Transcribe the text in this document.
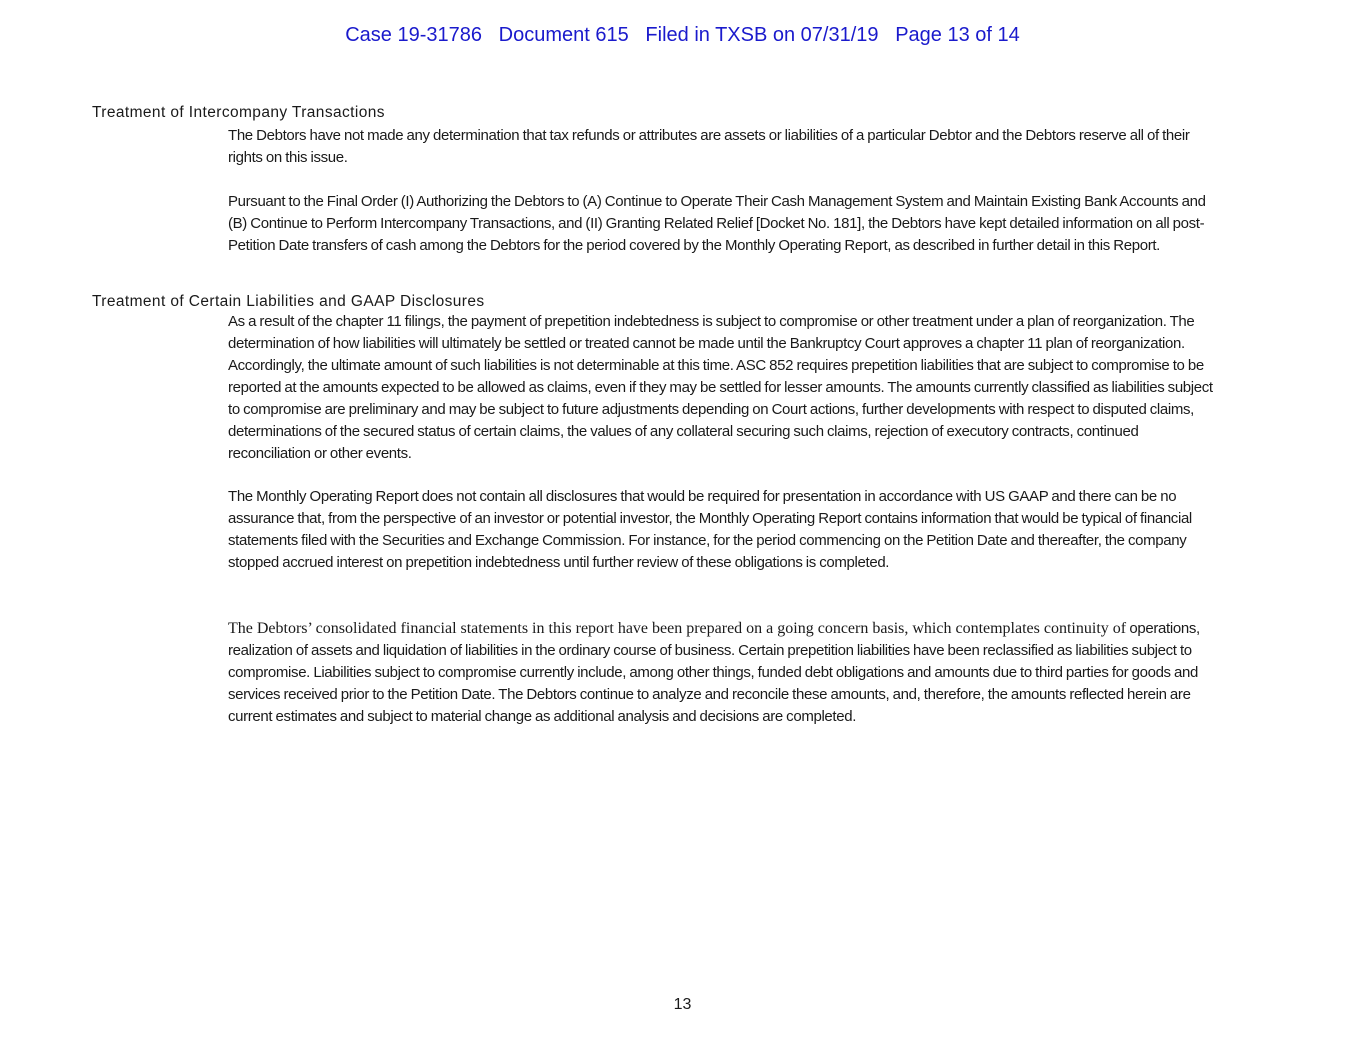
Case 19-31786   Document 615   Filed in TXSB on 07/31/19   Page 13 of 14
Treatment of Intercompany Transactions
The Debtors have not made any determination that tax refunds or attributes are assets or liabilities of a particular Debtor and the Debtors reserve all of their rights on this issue.
Pursuant to the Final Order (I) Authorizing the Debtors to (A) Continue to Operate Their Cash Management System and Maintain Existing Bank Accounts and (B) Continue to Perform Intercompany Transactions, and (II) Granting Related Relief [Docket No. 181], the Debtors have kept detailed information on all post-Petition Date transfers of cash among the Debtors for the period covered by the Monthly Operating Report, as described in further detail in this Report.
Treatment of Certain Liabilities and GAAP Disclosures
As a result of the chapter 11 filings, the payment of prepetition indebtedness is subject to compromise or other treatment under a plan of reorganization. The determination of how liabilities will ultimately be settled or treated cannot be made until the Bankruptcy Court approves a chapter 11 plan of reorganization. Accordingly, the ultimate amount of such liabilities is not determinable at this time. ASC 852 requires prepetition liabilities that are subject to compromise to be reported at the amounts expected to be allowed as claims, even if they may be settled for lesser amounts. The amounts currently classified as liabilities subject to compromise are preliminary and may be subject to future adjustments depending on Court actions, further developments with respect to disputed claims, determinations of the secured status of certain claims, the values of any collateral securing such claims, rejection of executory contracts, continued reconciliation or other events.
The Monthly Operating Report does not contain all disclosures that would be required for presentation in accordance with US GAAP and there can be no assurance that, from the perspective of an investor or potential investor, the Monthly Operating Report contains information that would be typical of financial statements filed with the Securities and Exchange Commission. For instance, for the period commencing on the Petition Date and thereafter, the company stopped accrued interest on prepetition indebtedness until further review of these obligations is completed.
The Debtors’ consolidated financial statements in this report have been prepared on a going concern basis, which contemplates continuity of operations, realization of assets and liquidation of liabilities in the ordinary course of business. Certain prepetition liabilities have been reclassified as liabilities subject to compromise. Liabilities subject to compromise currently include, among other things, funded debt obligations and amounts due to third parties for goods and services received prior to the Petition Date. The Debtors continue to analyze and reconcile these amounts, and, therefore, the amounts reflected herein are current estimates and subject to material change as additional analysis and decisions are completed.
13
